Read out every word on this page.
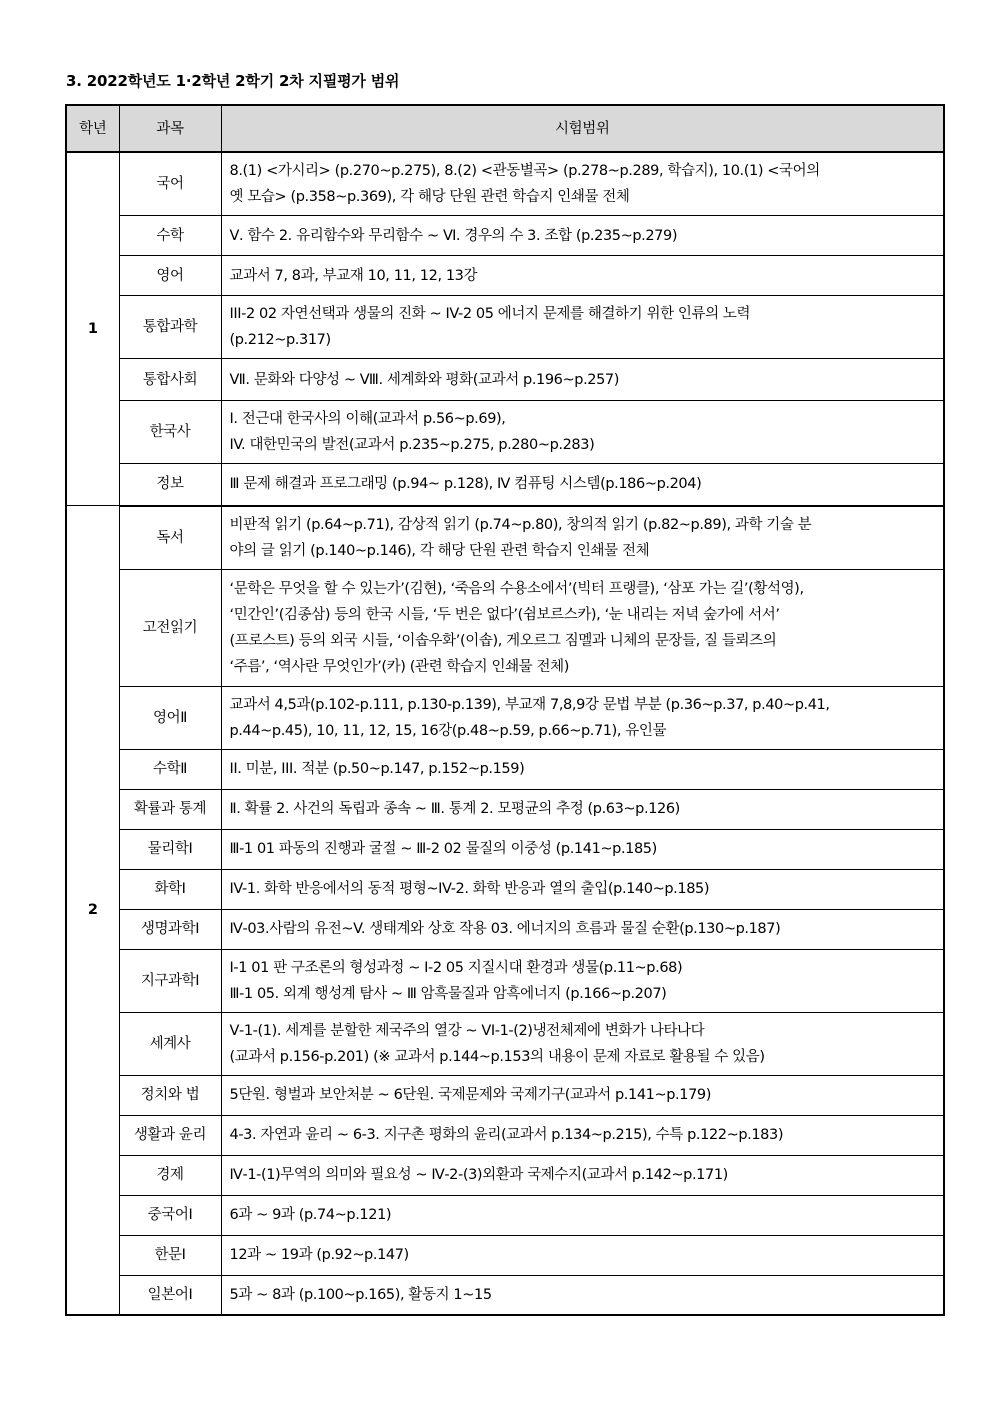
3. 2022학년도 1·2학년 2학기 2차 지필평가 범위
학년	과목	시험범위
1	국어	8.(1) <가시리> (p.270~p.275), 8.(2) <관동별곡> (p.278~p.289, 학습지), 10.(1) <국어의
옛 모습> (p.358~p.369), 각 해당 단원 관련 학습지 인쇄물 전체

	수학	Ⅴ. 함수 2. 유리함수와 무리함수 ~ Ⅵ. 경우의 수 3. 조합 (p.235~p.279)

	영어	교과서 7, 8과, 부교재 10, 11, 12, 13강

	통합과학	III-2 02 자연선택과 생물의 진화 ~ IV-2 05 에너지 문제를 해결하기 위한 인류의 노력
(p.212~p.317)

	통합사회	Ⅶ. 문화와 다양성 ~ Ⅷ. 세계화와 평화(교과서 p.196~p.257)

	한국사	Ⅰ. 전근대 한국사의 이해(교과서 p.56~p.69),
IV. 대한민국의 발전(교과서 p.235~p.275, p.280~p.283)

	정보	Ⅲ 문제 해결과 프로그래밍 (p.94~ p.128), Ⅳ 컴퓨팅 시스템(p.186~p.204)

2	독서	비판적 읽기 (p.64~p.71), 감상적 읽기 (p.74~p.80), 창의적 읽기 (p.82~p.89), 과학 기술 분
야의 글 읽기 (p.140~p.146), 각 해당 단원 관련 학습지 인쇄물 전체

	고전읽기	‘문학은 무엇을 할 수 있는가’(김현), ‘죽음의 수용소에서’(빅터 프랭클), ‘삼포 가는 길’(황석영),
‘민간인’(김종삼) 등의 한국 시들, ‘두 번은 없다’(쉼보르스카), ‘눈 내리는 저녁 숲가에 서서’
(프로스트) 등의 외국 시들, ‘이솝우화’(이솝), 게오르그 짐멜과 니체의 문장들, 질 들뢰즈의
‘주름’, ‘역사란 무엇인가’(카) (관련 학습지 인쇄물 전체)

	영어Ⅱ	교과서 4,5과(p.102-p.111, p.130-p.139), 부교재 7,8,9강 문법 부분 (p.36~p.37, p.40~p.41,
p.44~p.45), 10, 11, 12, 15, 16강(p.48~p.59, p.66~p.71), 유인물

	수학Ⅱ	II. 미분, III. 적분 (p.50~p.147, p.152~p.159)

	확률과 통계	Ⅱ. 확률 2. 사건의 독립과 종속 ~ Ⅲ. 통계 2. 모평균의 추정 (p.63~p.126)

	물리학Ⅰ	Ⅲ-1 01 파동의 진행과 굴절 ~ Ⅲ-2 02 물질의 이중성 (p.141~p.185)

	화학Ⅰ	IV-1. 화학 반응에서의 동적 평형~IV-2. 화학 반응과 열의 출입(p.140~p.185)

	생명과학Ⅰ	Ⅳ-03.사람의 유전~V. 생태계와 상호 작용 03. 에너지의 흐름과 물질 순환(p.130~p.187)

	지구과학Ⅰ	Ⅰ-1 01 판 구조론의 형성과정 ~ Ⅰ-2 05 지질시대 환경과 생물(p.11~p.68)
Ⅲ-1 05. 외계 행성계 탐사 ~ Ⅲ 암흑물질과 암흑에너지 (p.166~p.207)

	세계사	Ⅴ-1-(1). 세계를 분할한 제국주의 열강 ~ VI-1-(2)냉전체제에 변화가 나타나다
(교과서 p.156-p.201) (※ 교과서 p.144~p.153의 내용이 문제 자료로 활용될 수 있음)

	정치와 법	5단원. 형벌과 보안처분 ~ 6단원. 국제문제와 국제기구(교과서 p.141~p.179)

	생활과 윤리	4-3. 자연과 윤리 ~ 6-3. 지구촌 평화의 윤리(교과서 p.134~p.215), 수특 p.122~p.183)

	경제	Ⅳ-1-(1)무역의 의미와 필요성 ~ Ⅳ-2-(3)외환과 국제수지(교과서 p.142~p.171)

	중국어Ⅰ	6과 ~ 9과 (p.74~p.121)

	한문Ⅰ	12과 ~ 19과 (p.92~p.147)

	일본어Ⅰ	5과 ~ 8과 (p.100~p.165), 활동지 1~15
